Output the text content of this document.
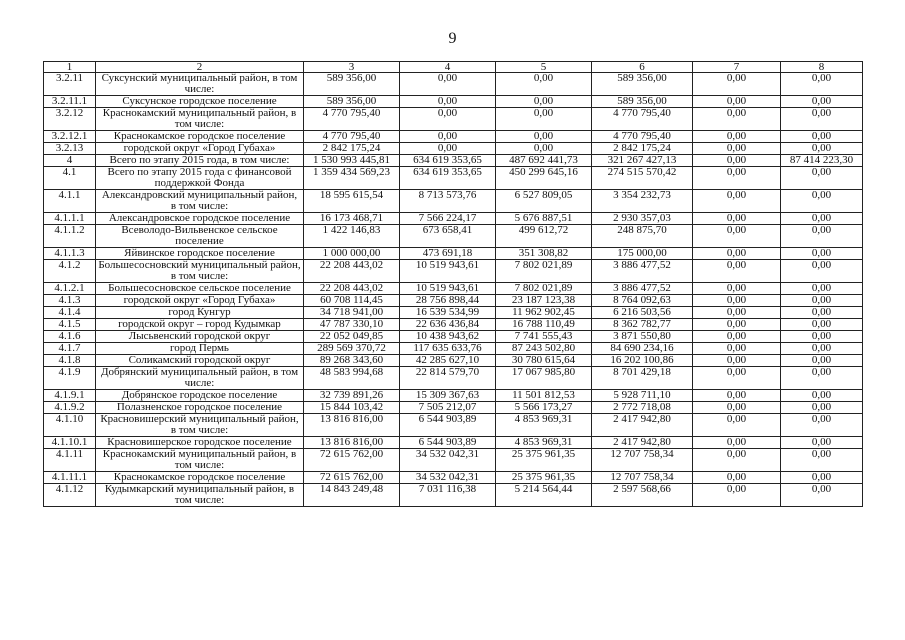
9
1	2	3	4	5	6	7	8
3.2.11	Суксунский муниципальный район, в том числе:	589 356,00	0,00	0,00	589 356,00	0,00	0,00
3.2.11.1	Суксунское городское поселение	589 356,00	0,00	0,00	589 356,00	0,00	0,00
3.2.12	Краснокамский муниципальный район, в том числе:	4 770 795,40	0,00	0,00	4 770 795,40	0,00	0,00
3.2.12.1	Краснокамское городское поселение	4 770 795,40	0,00	0,00	4 770 795,40	0,00	0,00
3.2.13	городской округ «Город Губаха»	2 842 175,24	0,00	0,00	2 842 175,24	0,00	0,00
4	Всего по этапу 2015 года, в том числе:	1 530 993 445,81	634 619 353,65	487 692 441,73	321 267 427,13	0,00	87 414 223,30
4.1	Всего по этапу 2015 года с финансовой поддержкой Фонда	1 359 434 569,23	634 619 353,65	450 299 645,16	274 515 570,42	0,00	0,00
4.1.1	Александровский муниципальный район, в том числе:	18 595 615,54	8 713 573,76	6 527 809,05	3 354 232,73	0,00	0,00
4.1.1.1	Александровское городское поселение	16 173 468,71	7 566 224,17	5 676 887,51	2 930 357,03	0,00	0,00
4.1.1.2	Всеволодо-Вильвенское сельское поселение	1 422 146,83	673 658,41	499 612,72	248 875,70	0,00	0,00
4.1.1.3	Яйвинское городское поселение	1 000 000,00	473 691,18	351 308,82	175 000,00	0,00	0,00
4.1.2	Большесосновский муниципальный район, в том числе:	22 208 443,02	10 519 943,61	7 802 021,89	3 886 477,52	0,00	0,00
4.1.2.1	Большесосновское сельское поселение	22 208 443,02	10 519 943,61	7 802 021,89	3 886 477,52	0,00	0,00
4.1.3	городской округ «Город Губаха»	60 708 114,45	28 756 898,44	23 187 123,38	8 764 092,63	0,00	0,00
4.1.4	город Кунгур	34 718 941,00	16 539 534,99	11 962 902,45	6 216 503,56	0,00	0,00
4.1.5	городской округ – город Кудымкар	47 787 330,10	22 636 436,84	16 788 110,49	8 362 782,77	0,00	0,00
4.1.6	Лысьвенский городской округ	22 052 049,85	10 438 943,62	7 741 555,43	3 871 550,80	0,00	0,00
4.1.7	город Пермь	289 569 370,72	117 635 633,76	87 243 502,80	84 690 234,16	0,00	0,00
4.1.8	Соликамский городской округ	89 268 343,60	42 285 627,10	30 780 615,64	16 202 100,86	0,00	0,00
4.1.9	Добрянский муниципальный район, в том числе:	48 583 994,68	22 814 579,70	17 067 985,80	8 701 429,18	0,00	0,00
4.1.9.1	Добрянское городское поселение	32 739 891,26	15 309 367,63	11 501 812,53	5 928 711,10	0,00	0,00
4.1.9.2	Полазненское городское поселение	15 844 103,42	7 505 212,07	5 566 173,27	2 772 718,08	0,00	0,00
4.1.10	Красновишерский муниципальный район, в том числе:	13 816 816,00	6 544 903,89	4 853 969,31	2 417 942,80	0,00	0,00
4.1.10.1	Красновишерское городское поселение	13 816 816,00	6 544 903,89	4 853 969,31	2 417 942,80	0,00	0,00
4.1.11	Краснокамский муниципальный район, в том числе:	72 615 762,00	34 532 042,31	25 375 961,35	12 707 758,34	0,00	0,00
4.1.11.1	Краснокамское городское поселение	72 615 762,00	34 532 042,31	25 375 961,35	12 707 758,34	0,00	0,00
4.1.12	Кудымкарский муниципальный район, в том числе:	14 843 249,48	7 031 116,38	5 214 564,44	2 597 568,66	0,00	0,00
